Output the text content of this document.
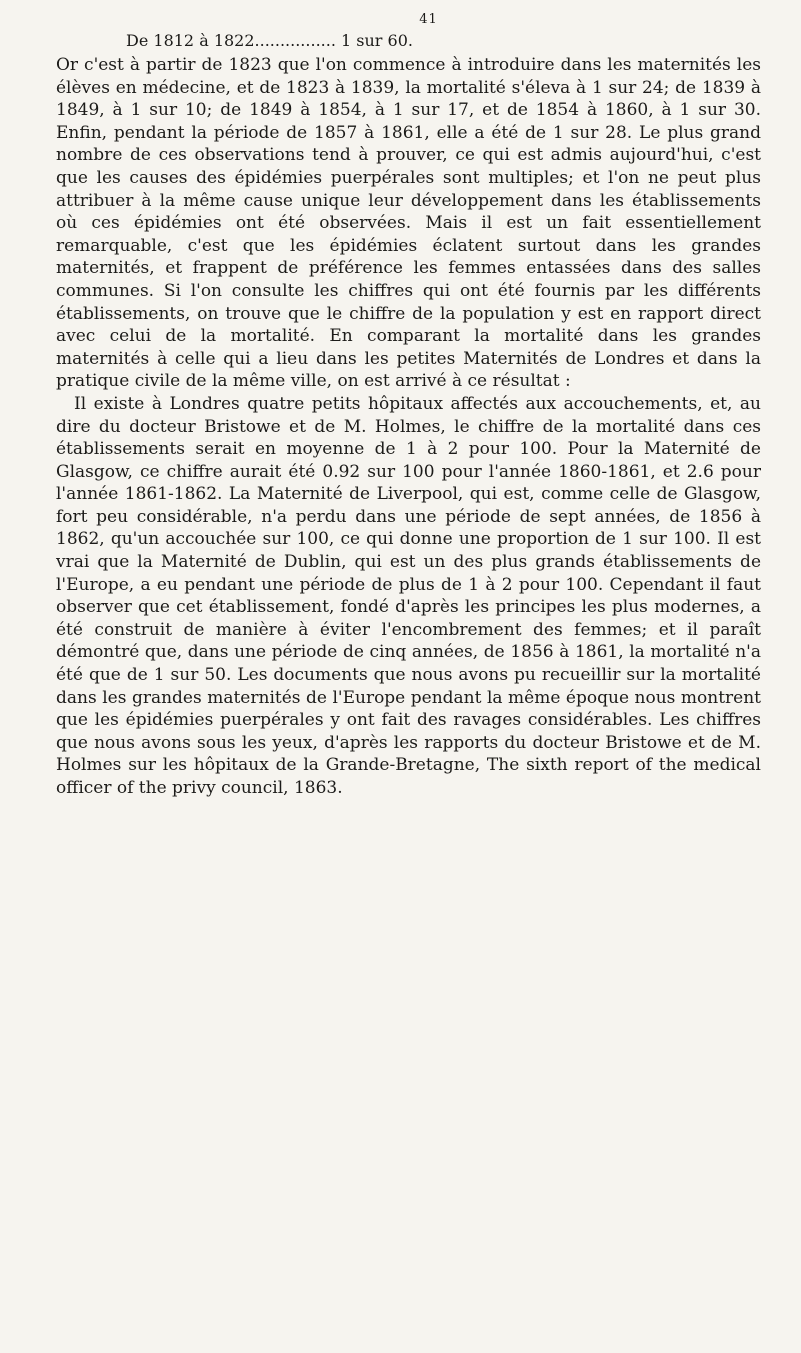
41
De 1812 à 1822................ 1 sur 60.

Or c'est à partir de 1823 que l'on commence à introduire dans les maternités les élèves en médecine, et de 1823 à 1839, la mortalité s'éleva à 1 sur 24; de 1839 à 1849, à 1 sur 10; de 1849 à 1854, à 1 sur 17, et de 1854 à 1860, à 1 sur 30. Enfin, pendant la période de 1857 à 1861, elle a été de 1 sur 28. Le plus grand nombre de ces observations tend à prouver, ce qui est admis aujourd'hui, c'est que les causes des épidémies puerpérales sont multiples; et l'on ne peut plus attribuer à la même cause unique leur développement dans les établissements où ces épidémies ont été observées. Mais il est un fait essentiellement remarquable, c'est que les épidémies éclatent surtout dans les grandes maternités, et frappent de préférence les femmes entassées dans des salles communes. Si l'on consulte les chiffres qui ont été fournis par les différents établissements, on trouve que le chiffre de la population y est en rapport direct avec celui de la mortalité. En comparant la mortalité dans les grandes maternités à celle qui a lieu dans les petites Maternités de Londres et dans la pratique civile de la même ville, on est arrivé à ce résultat :

Il existe à Londres quatre petits hôpitaux affectés aux accouchements, et, au dire du docteur Bristowe et de M. Holmes, le chiffre de la mortalité dans ces établissements serait en moyenne de 1 à 2 pour 100. Pour la Maternité de Glasgow, ce chiffre aurait été 0.92 sur 100 pour l'année 1860-1861, et 2.6 pour l'année 1861-1862. La Maternité de Liverpool, qui est, comme celle de Glasgow, fort peu considérable, n'a perdu dans une période de sept années, de 1856 à 1862, qu'un accouchée sur 100, ce qui donne une proportion de 1 sur 100. Il est vrai que la Maternité de Dublin, qui est un des plus grands établissements de l'Europe, a eu pendant une période de plus de 1 à 2 pour 100. Cependant il faut observer que cet établissement, fondé d'après les principes les plus modernes, a été construit de manière à éviter l'encombrement des femmes; et il paraît démontré que, dans une période de cinq années, de 1856 à 1861, la mortalité n'a été que de 1 sur 50. Les documents que nous avons pu recueillir sur la mortalité dans les grandes maternités de l'Europe pendant la même époque nous montrent que les épidémies puerpérales y ont fait des ravages considérables. Les chiffres que nous avons sous les yeux, d'après les rapports du docteur Bristowe et de M. Holmes sur les hôpitaux de la Grande-Bretagne, The sixth report of the medical officer of the privy council, 1863.
